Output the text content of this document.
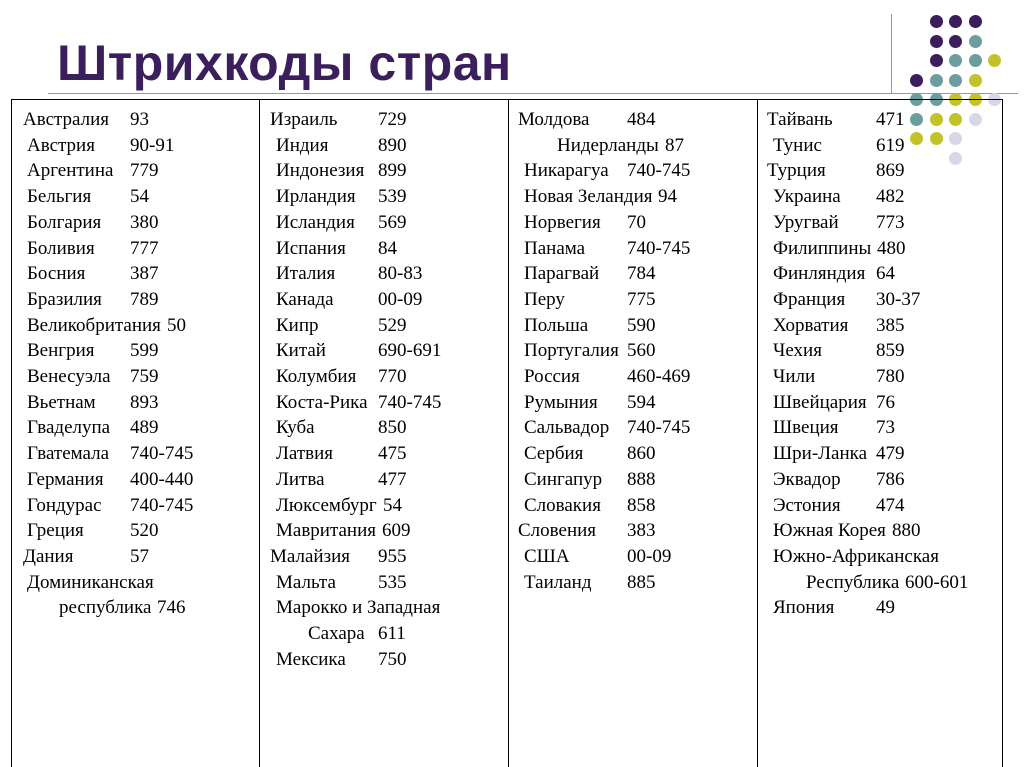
Штрихкоды стран
Австралия 93
Австрия 90-91
Аргентина 779
Бельгия 54
Болгария 380
Боливия 777
Босния 387
Бразилия 789
Великобритания 50
Венгрия 599
Венесуэла 759
Вьетнам 893
Гваделупа 489
Гватемала 740-745
Германия 400-440
Гондурас 740-745
Греция 520
Дания	57
Доминиканская
республика 746
Израиль 729
Индия	890
Индонезия 899
Ирландия 539
Исландия 569
Испания 84
Италия 80-83
Канада 00-09
Кипр	529
Китай	690-691
Колумбия 770
Коста-Рика 740-745
Куба	850
Латвия 475
Литва	477
Люксембург 54
Мавритания 609
Малайзия 955
Мальта 535
Марокко и Западная
Сахара 611
Мексика 750
Молдова 484
Нидерланды 87
Никарагуа 740-745
Новая Зеландия 94
Норвегия 70
Панама 740-745
Парагвай 784
Перу	775
Польша 590
Португалия 560
Россия 460-469
Румыния 594
Сальвадор 740-745
Сербия 860
Сингапур 888
Словакия 858
Словения 383
США	00-09
Таиланд 885
Тайвань 471
Тунис	619
Турция	869
Украина 482
Уругвай 773
Филиппины 480
Финляндия 64
Франция 30-37
Хорватия 385
Чехия	859
Чили	780
Швейцария 76
Швеция 73
Шри-Ланка 479
Эквадор 786
Эстония 474
Южная Корея 880
Южно-Африканская
Республика 600-601
Япония 49
